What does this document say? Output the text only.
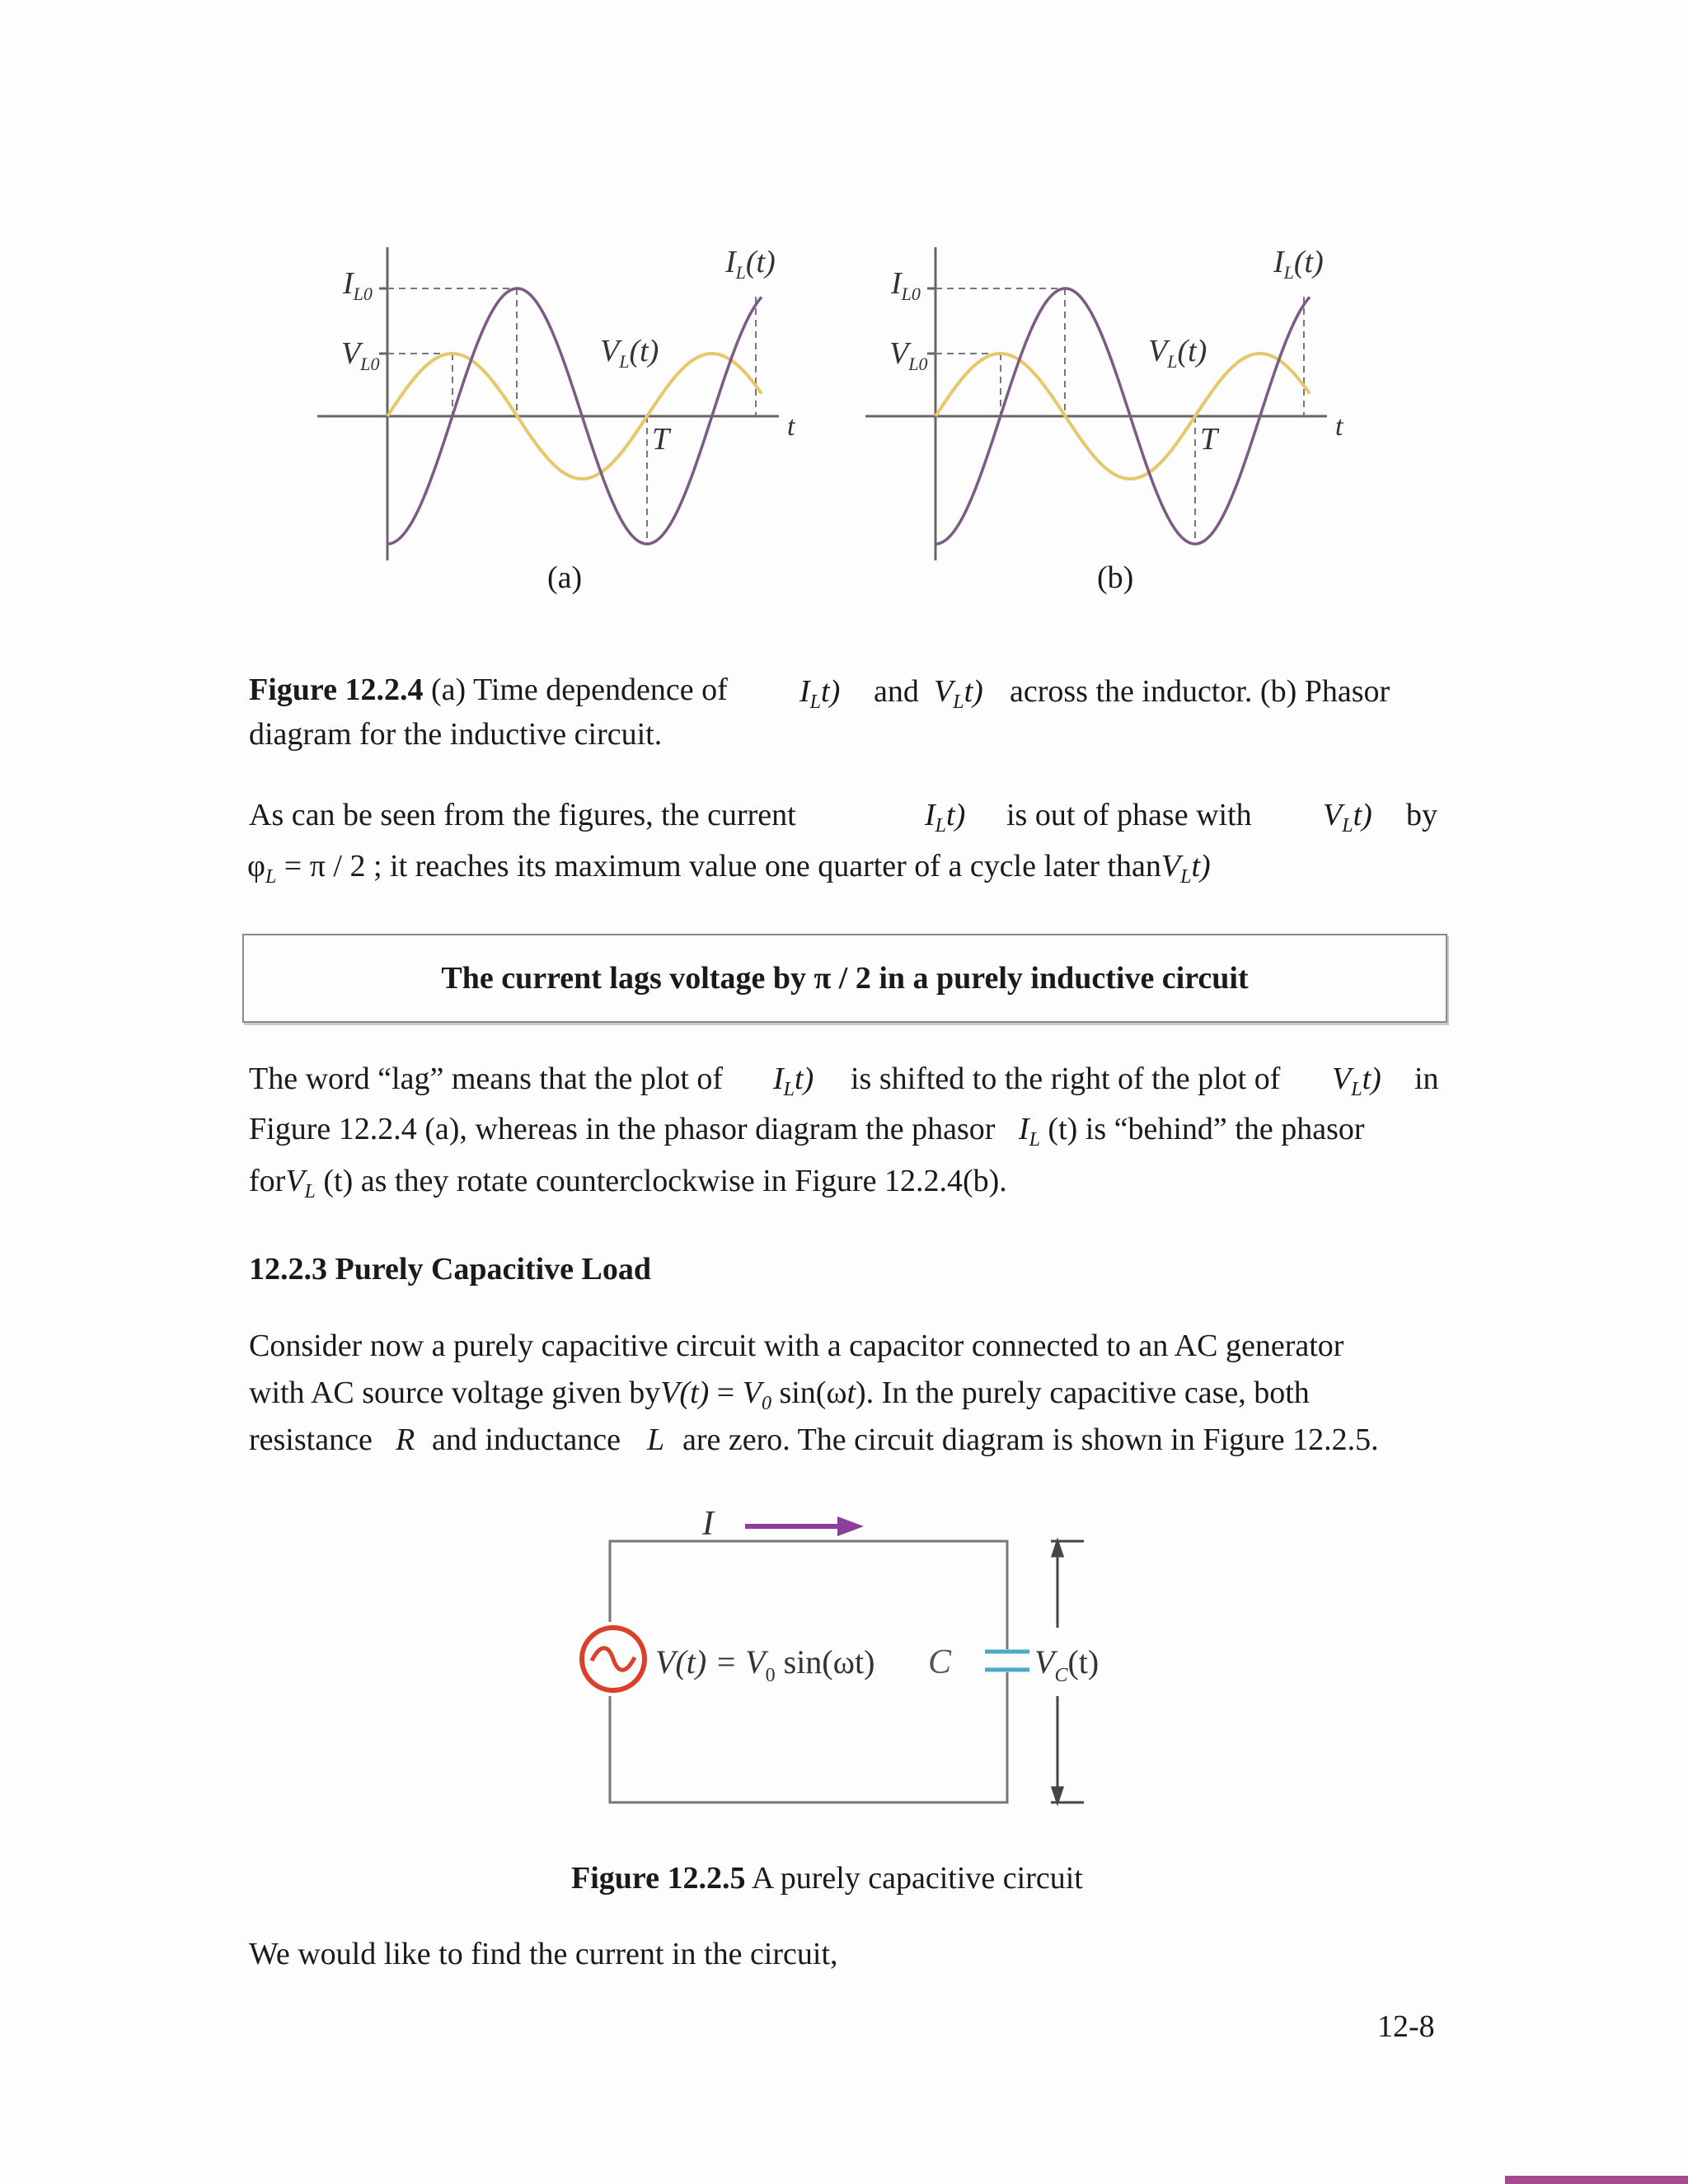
$I_{L0}$
$V_{L0}$
$I_L(t)$
$V_L(t)$
T	t
$I_{L0}$
$V_{L0}$
$I_L(t)$
$V_L(t)$
T	t
(a)	(b)
Figure 12.2.4 (a) Time dependence of $I_Lt$) and $V_Lt$) across the inductor. (b) Phasor
diagram for the inductive circuit.
As can be seen from the figures, the current	$I_Lt$) is out of phase with $V_Lt$) by
$\varphi_L = \pi / 2$ ; it reaches its maximum value one quarter of a cycle later thanV$_L$t)
The current lags voltage by π / 2 in a purely inductive circuit
The word “lag” means that the plot of $I_Lt$) is shifted to the right of the plot of $V_Lt$) in
Figure 12.2.4 (a), whereas in the phasor diagram the phasor $I_L$ (t) is “behind” the phasor
forV$_L$ (t) as they rotate counterclockwise in Figure 12.2.4(b).
12.2.3 Purely Capacitive Load
Consider now a purely capacitive circuit with a capacitor connected to an AC generator
with AC source voltage given $byV(t) = V_0$ sin(ωt). In the purely capacitive case, both
resistance R and inductance L are zero. The circuit diagram is shown in Figure 12.2.5.
I
$V(t) = V_0$ sin(ωt) C	$V_C(t)$
Figure 12.2.5 A purely capacitive circuit
We would like to find the current in the circuit,
12-8
